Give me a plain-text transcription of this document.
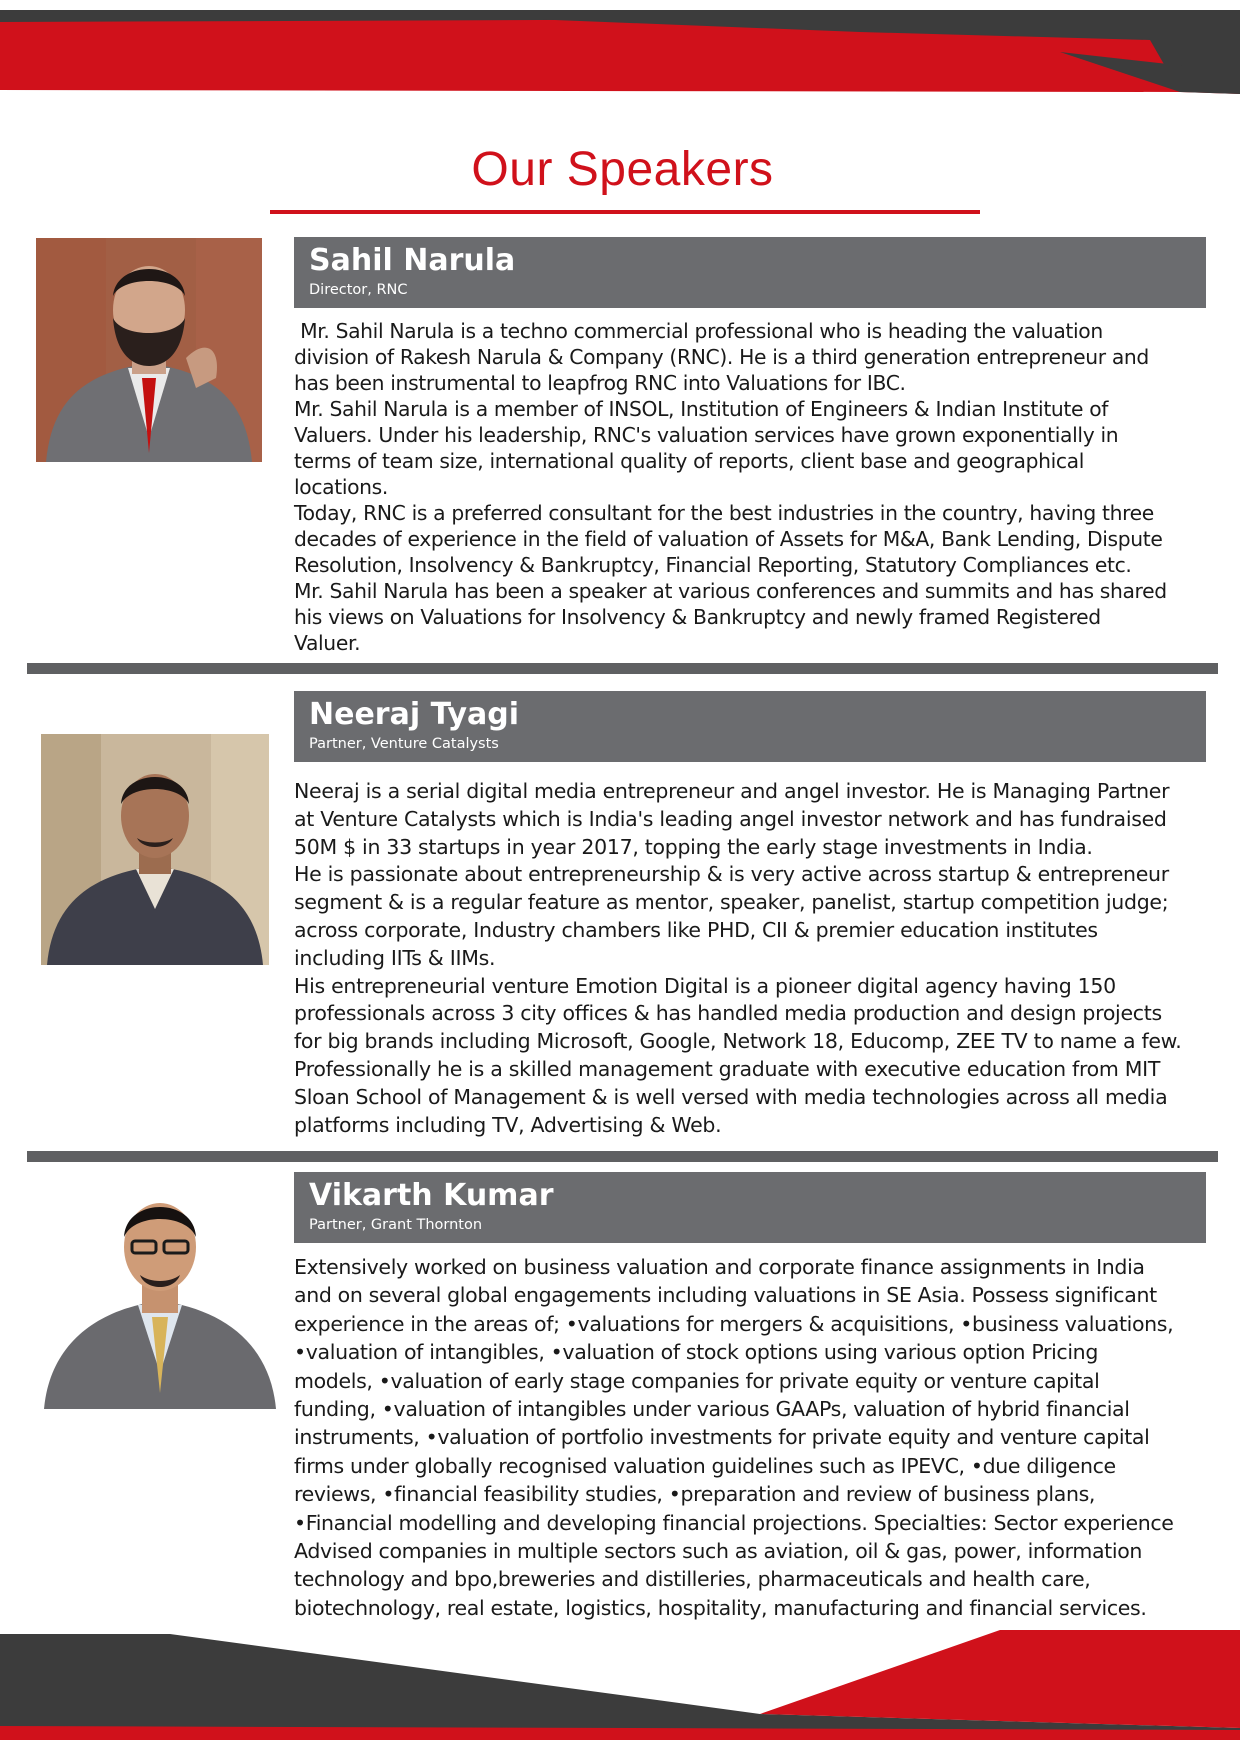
Our Speakers
Sahil Narula
Director, RNC

Mr. Sahil Narula is a techno commercial professional who is heading the valuation

division of Rakesh Narula & Company (RNC). He is a third generation entrepreneur and

has been instrumental to leapfrog RNC into Valuations for IBC.

Mr. Sahil Narula is a member of INSOL, Institution of Engineers & Indian Institute of

Valuers. Under his leadership, RNC's valuation services have grown exponentially in

terms of team size, international quality of reports, client base and geographical

locations.

Today, RNC is a preferred consultant for the best industries in the country, having three

decades of experience in the field of valuation of Assets for M&A, Bank Lending, Dispute

Resolution, Insolvency & Bankruptcy, Financial Reporting, Statutory Compliances etc.

Mr. Sahil Narula has been a speaker at various conferences and summits and has shared

his views on Valuations for Insolvency & Bankruptcy and newly framed Registered

Valuer.

Neeraj Tyagi
Partner, Venture Catalysts

Neeraj is a serial digital media entrepreneur and angel investor. He is Managing Partner

at Venture Catalysts which is India's leading angel investor network and has fundraised

50M $ in 33 startups in year 2017, topping the early stage investments in India.

He is passionate about entrepreneurship & is very active across startup & entrepreneur

segment & is a regular feature as mentor, speaker, panelist, startup competition judge;

across corporate, Industry chambers like PHD, CII & premier education institutes

including IITs & IIMs.

His entrepreneurial venture Emotion Digital is a pioneer digital agency having 150

professionals across 3 city offices & has handled media production and design projects

for big brands including Microsoft, Google, Network 18, Educomp, ZEE TV to name a few.

Professionally he is a skilled management graduate with executive education from MIT

Sloan School of Management & is well versed with media technologies across all media

platforms including TV, Advertising & Web.

Vikarth Kumar
Partner, Grant Thornton

Extensively worked on business valuation and corporate finance assignments in India

and on several global engagements including valuations in SE Asia. Possess significant

experience in the areas of; •valuations for mergers & acquisitions, •business valuations,

•valuation of intangibles, •valuation of stock options using various option Pricing

models, •valuation of early stage companies for private equity or venture capital

funding, •valuation of intangibles under various GAAPs, valuation of hybrid financial

instruments, •valuation of portfolio investments for private equity and venture capital

firms under globally recognised valuation guidelines such as IPEVC, •due diligence

reviews, •financial feasibility studies, •preparation and review of business plans,

•Financial modelling and developing financial projections. Specialties: Sector experience

Advised companies in multiple sectors such as aviation, oil & gas, power, information

technology and bpo,breweries and distilleries, pharmaceuticals and health care,

biotechnology, real estate, logistics, hospitality, manufacturing and financial services.
